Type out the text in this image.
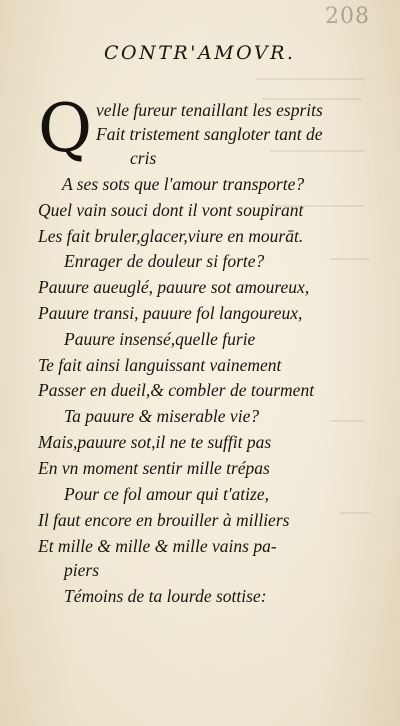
208
CONTR'AMOVR.
Q velle fureur tenaillant les esprits
Fait tristement sangloter tant de
cris
A ses sots que l'amour transporte?
Quel vain souci dont il vont soupirant
Les fait bruler,glacer,viure en mourāt.
Enrager de douleur si forte?
Pauure aueuglé, pauure sot amoureux,
Pauure transi, pauure fol langoureux,
Pauure insensé,quelle furie
Te fait ainsi languissant vainement
Passer en dueil,& combler de tourment
Ta pauure & miserable vie?
Mais,pauure sot,il ne te suffit pas
En vn moment sentir mille trépas
Pour ce fol amour qui t'atize,
Il faut encore en brouiller à milliers
Et mille & mille & mille vains pa-
piers
Témoins de ta lourde sottise:
